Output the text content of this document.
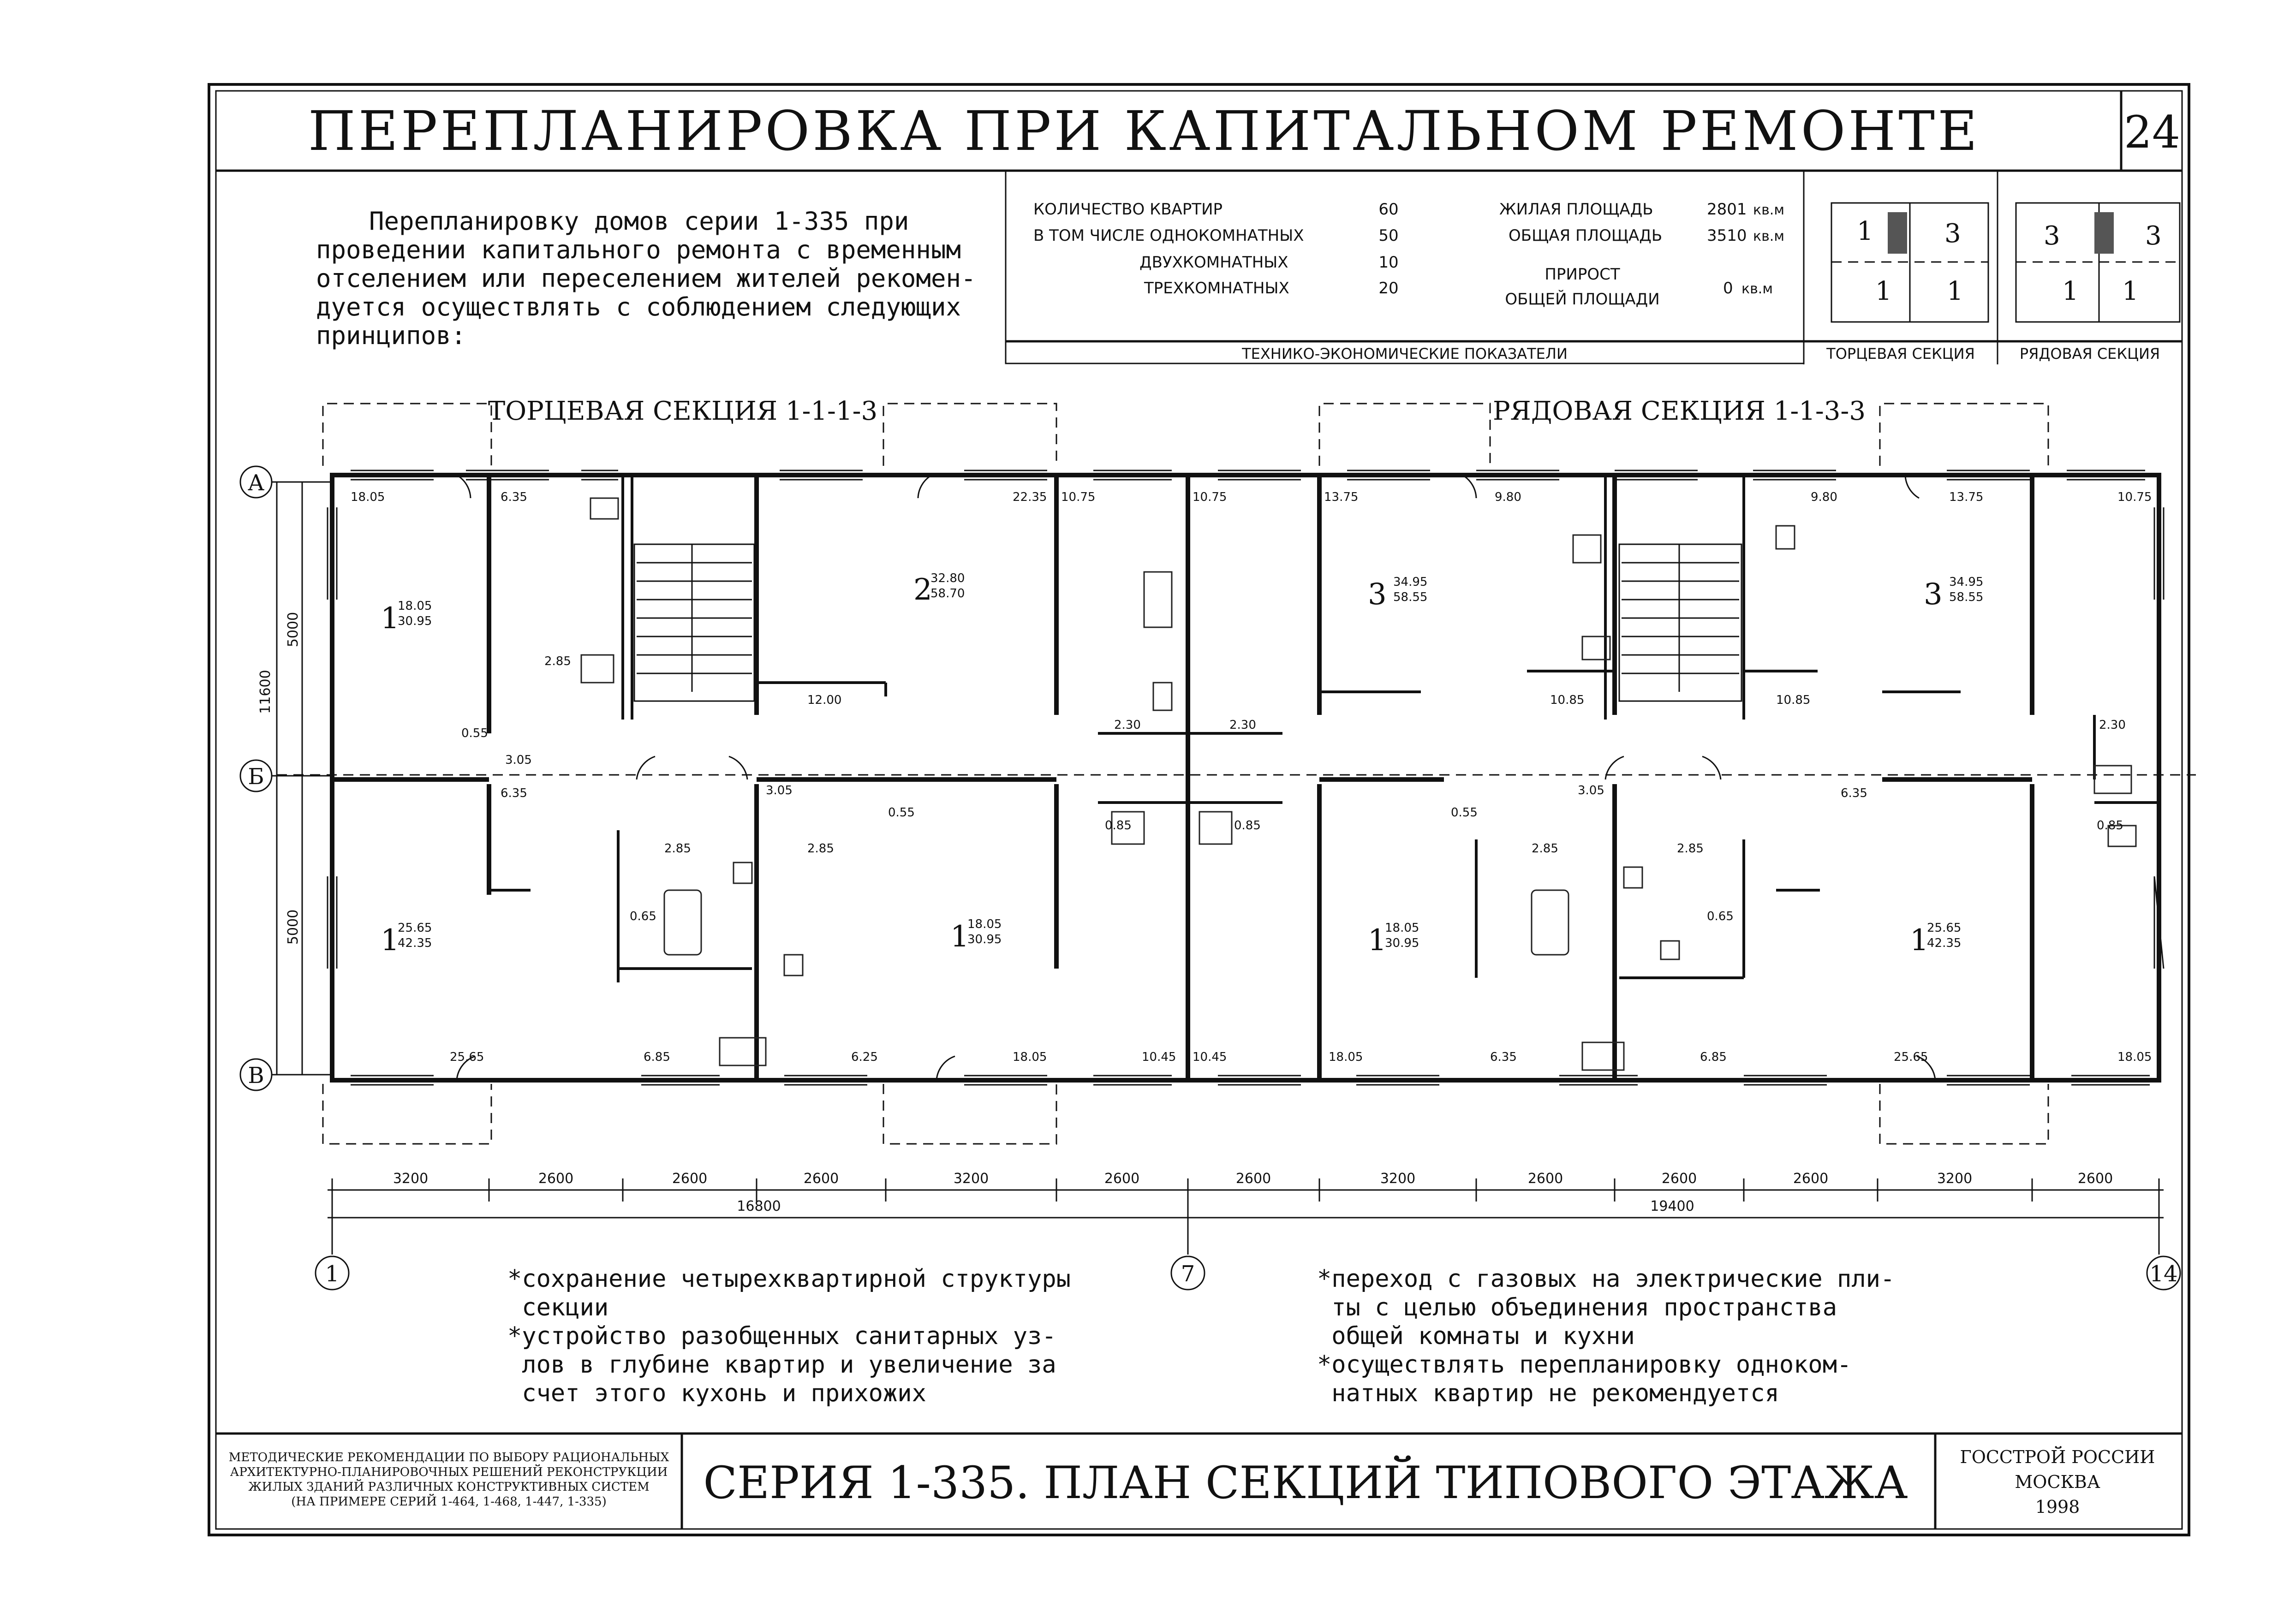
ПЕРЕПЛАНИРОВКА ПРИ КАПИТАЛЬНОМ РЕМОНТЕ	24
Перепланировку домов серии 1-335 при
проведении капитального ремонта с временным
отселением или переселением жителей рекомен-
дуется осуществлять с соблюдением следующих
принципов:
КОЛИЧЕСТВО КВАРТИР	60
В ТОМ ЧИСЛЕ ОДНОКОМНАТНЫХ	50
ДВУХКОМНАТНЫХ	10
ТРЕХКОМНАТНЫХ	20
ЖИЛАЯ ПЛОЩАДЬ	2801 кв.м
ОБЩАЯ ПЛОЩАДЬ	3510 кв.м
ПРИРОСТ
ОБЩЕЙ ПЛОЩАДИ
0 кв.м
ТЕХНИКО-ЭКОНОМИЧЕСКИЕ ПОКАЗАТЕЛИ
1	3
1 1
ТОРЦЕВАЯ СЕКЦИЯ
3	3
1 1
РЯДОВАЯ СЕКЦИЯ
ТОРЦЕВАЯ СЕКЦИЯ 1-1-1-3	РЯДОВАЯ СЕКЦИЯ 1-1-3-3
1
18.05
30.95
2
32.80
58.70	3 34.95
58.55	3 34.95
58.55
1
25.65
42.35	1
18.05
30.95	1
18.05
30.95	1
25.65
42.35
18.05	6.35	22.35 10.75	10.75	13.75	9.80	9.80	13.75	10.75
2.85
0.55
12.00
2.30	2.30
10.85	10.85
2.30
3.05
6.35	3.05
0.55
0.85	0.85
0.55
3.05	6.35
0.85
2.85	2.85
0.65
2.85	2.85
0.65
25.65	6.85	6.25	18.05	10.45 10.45	18.05	6.35	6.85	25.65	18.05
А
Б
В
5000
11600
5000
3200	2600	2600	2600	3200	2600	2600	3200	2600	2600	2600	3200	2600
16800	19400
1	7	14
*сохранение четырехквартирной структуры
секции
*устройство разобщенных санитарных уз-
лов в глубине квартир и увеличение за
счет этого кухонь и прихожих
*переход с газовых на электрические пли-
ты с целью объединения пространства
общей комнаты и кухни
*осуществлять перепланировку одноком-
натных квартир не рекомендуется
МЕТОДИЧЕСКИЕ РЕКОМЕНДАЦИИ ПО ВЫБОРУ РАЦИОНАЛЬНЫХ
АРХИТЕКТУРНО-ПЛАНИРОВОЧНЫХ РЕШЕНИЙ РЕКОНСТРУКЦИИ
ЖИЛЫХ ЗДАНИЙ РАЗЛИЧНЫХ КОНСТРУКТИВНЫХ СИСТЕМ
(НА ПРИМЕРЕ СЕРИЙ 1-464, 1-468, 1-447, 1-335) СЕРИЯ 1-335. ПЛАН СЕКЦИЙ ТИПОВОГО ЭТАЖА	ГОССТРОЙ РОССИИ
МОСКВА
1998
